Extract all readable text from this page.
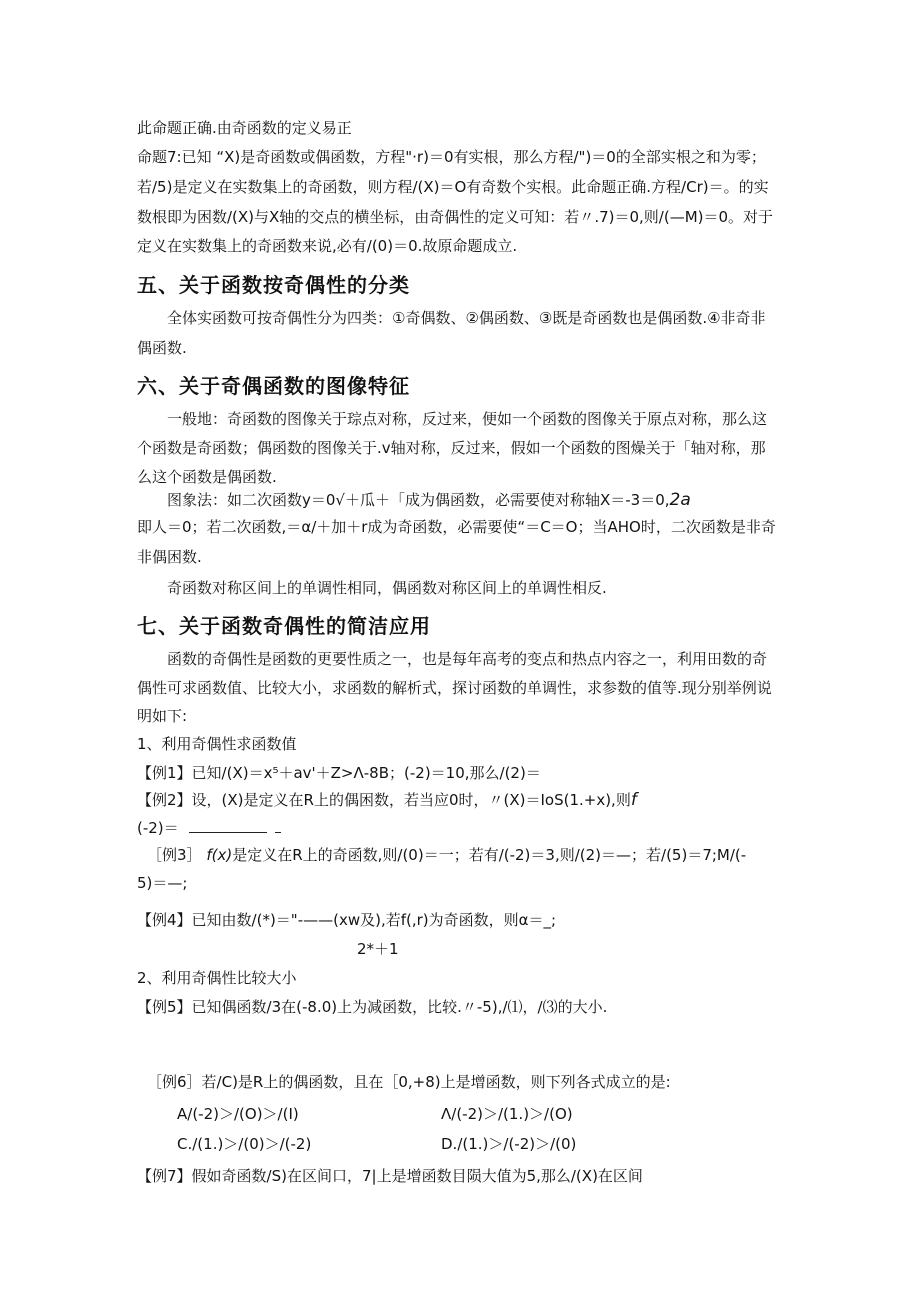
此命题正确.由奇函数的定义易正

命题7:已知 “X)是奇函数或偶函数，方程"·r)＝0有实根，那么方程/")＝0的全部实根之和为零；

若/5)是定义在实数集上的奇函数，则方程/(X)＝O有奇数个实根。此命题正确.方程/Cr)＝。的实

数根即为困数/(X)与X轴的交点的横坐标，由奇偶性的定义可知：若〃.7)＝0,则/(—M)＝0。对于

定义在实数集上的奇函数来说,必有/(0)＝0.故原命题成立.

五、关于函数按奇偶性的分类

全体实函数可按奇偶性分为四类：①奇偶数、②偶函数、③既是奇函数也是偶函数.④非奇非

偶函数.

六、关于奇偶函数的图像特征

一般地：奇函数的图像关于琮点对称，反过来，便如一个函数的图像关于原点对称，那么这

个函数是奇函数；偶函数的图像关于.v轴对称，反过来，假如一个函数的图燥关于「轴对称，那

么这个函数是偶函数.

图象法：如二次函数y＝0√＋瓜＋「成为偶函数，必需要使对称轴X＝-3＝0,2a

即人＝0；若二次函数,＝α/＋加＋r成为奇函数，必需要使“＝C＝O；当AHO时，二次函数是非奇

非偶困数.

奇函数对称区间上的单调性相同，偶函数对称区间上的单调性相反.

七、关于函数奇偶性的简洁应用

函数的奇偶性是函数的更要性质之一，也是每年高考的变点和热点内容之一，利用田数的奇

偶性可求函数值、比较大小，求函数的解析式，探讨函数的单调性，求参数的值等.现分别举例说

明如下:

1、利用奇偶性求函数值

【例1】已知/(X)＝x⁵＋av'＋Z>Λ-8B；(-2)＝10,那么/(2)＝

【例2】设，(X)是定义在R上的偶困数，若当应0时，〃(X)＝IoS(1.+x),则f

(-2)＝

［例3］ f(x)是定义在R上的奇函数,则/(0)＝一；若有/(-2)＝3,则/(2)＝—；若/(5)＝7;M/(-

5)＝—;

【例4】已知由数/(*)＝"-——(xw及),若f(,r)为奇函数，则α＝_;

2*＋1

2、利用奇偶性比较大小

【例5】已知偶函数/3在(-8.0)上为减函数，比较.〃-5),/⑴，/⑶的大小.

［例6］若/C)是R上的偶函数，且在［0,+8)上是增函数，则下列各式成立的是:

A/(-2)＞/(O)＞/(I)	Λ/(-2)＞/(1.)＞/(O)

C./(1.)＞/(0)＞/(-2)	D./(1.)＞/(-2)＞/(0)

【例7】假如奇函数/S)在区间口，7|上是增函数目陨大值为5,那么/(X)在区间
